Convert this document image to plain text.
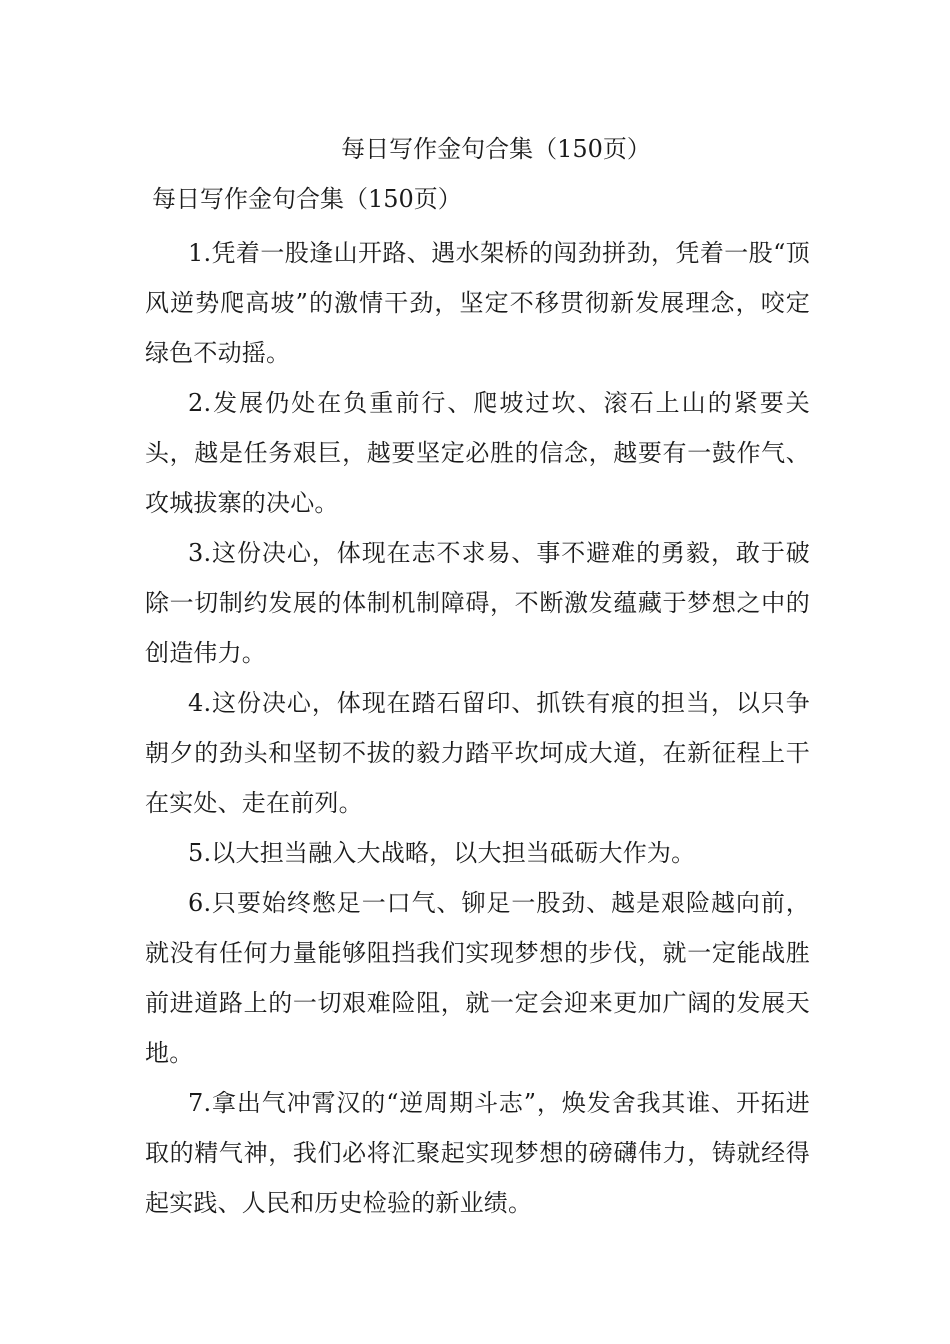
每日写作金句合集（150页）
每日写作金句合集（150页）

1.凭着一股逢山开路、遇水架桥的闯劲拼劲，凭着一股“顶风逆势爬高坡”的激情干劲，坚定不移贯彻新发展理念，咬定绿色不动摇。

2.发展仍处在负重前行、爬坡过坎、滚石上山的紧要关头，越是任务艰巨，越要坚定必胜的信念，越要有一鼓作气、攻城拔寨的决心。

3.这份决心，体现在志不求易、事不避难的勇毅，敢于破除一切制约发展的体制机制障碍，不断激发蕴藏于梦想之中的创造伟力。

4.这份决心，体现在踏石留印、抓铁有痕的担当，以只争朝夕的劲头和坚韧不拔的毅力踏平坎坷成大道，在新征程上干在实处、走在前列。

5.以大担当融入大战略，以大担当砥砺大作为。

6.只要始终憋足一口气、铆足一股劲、越是艰险越向前，就没有任何力量能够阻挡我们实现梦想的步伐，就一定能战胜前进道路上的一切艰难险阻，就一定会迎来更加广阔的发展天地。

7.拿出气冲霄汉的“逆周期斗志”，焕发舍我其谁、开拓进取的精气神，我们必将汇聚起实现梦想的磅礴伟力，铸就经得起实践、人民和历史检验的新业绩。
